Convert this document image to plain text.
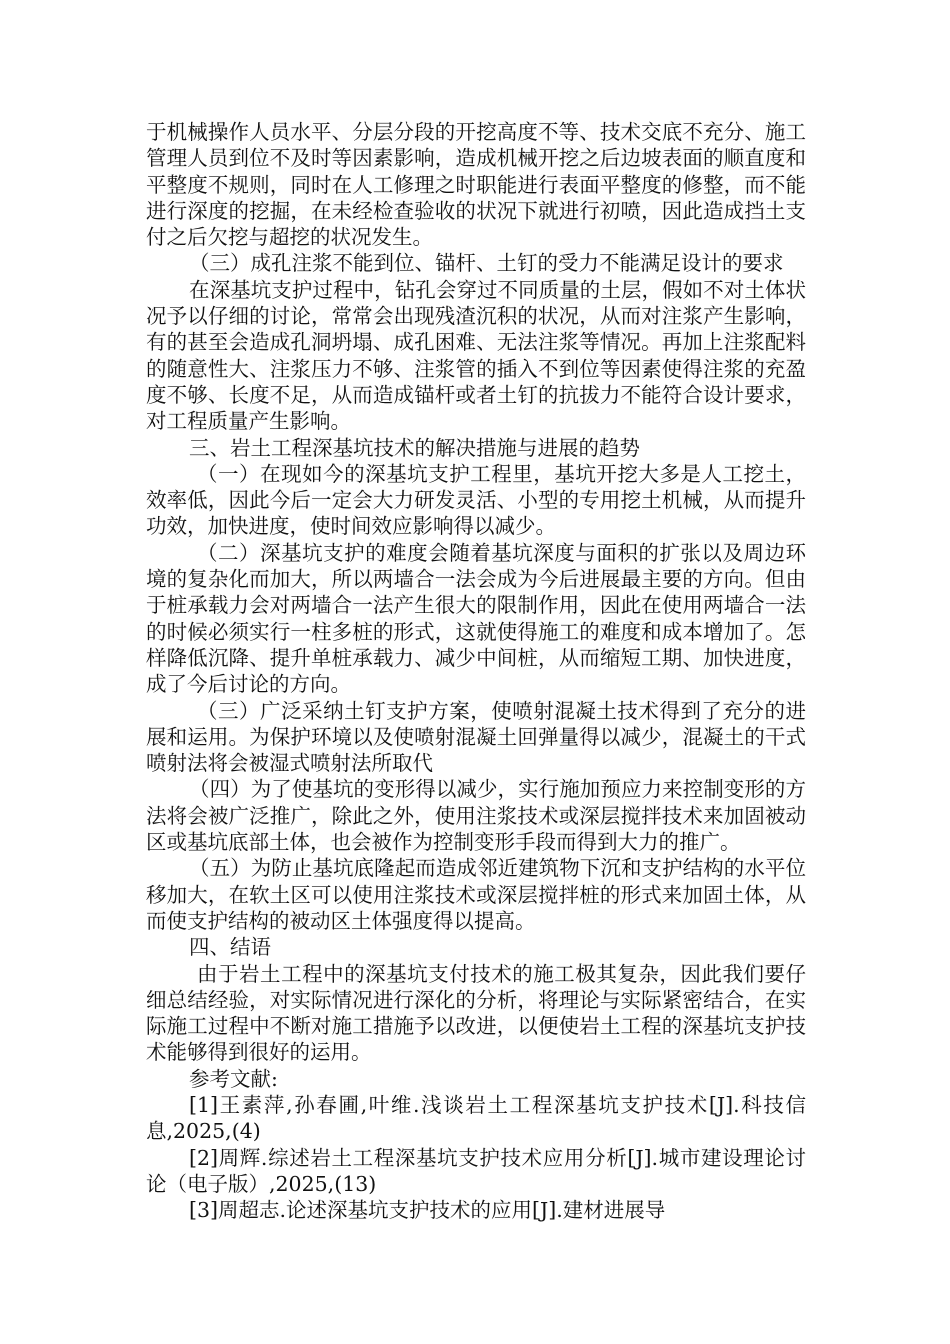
于机械操作人员水平、分层分段的开挖高度不等、技术交底不充分、施工管理人员到位不及时等因素影响，造成机械开挖之后边坡表面的顺直度和平整度不规则，同时在人工修理之时职能进行表面平整度的修整，而不能进行深度的挖掘，在未经检查验收的状况下就进行初喷，因此造成挡土支付之后欠挖与超挖的状况发生。

（三）成孔注浆不能到位、锚杆、土钉的受力不能满足设计的要求

在深基坑支护过程中，钻孔会穿过不同质量的土层，假如不对土体状况予以仔细的讨论，常常会出现残渣沉积的状况，从而对注浆产生影响，有的甚至会造成孔洞坍塌、成孔困难、无法注浆等情况。再加上注浆配料的随意性大、注浆压力不够、注浆管的插入不到位等因素使得注浆的充盈度不够、长度不足，从而造成锚杆或者土钉的抗拔力不能符合设计要求，对工程质量产生影响。

三、岩土工程深基坑技术的解决措施与进展的趋势

（一）在现如今的深基坑支护工程里，基坑开挖大多是人工挖土，效率低，因此今后一定会大力研发灵活、小型的专用挖土机械，从而提升功效，加快进度，使时间效应影响得以减少。

（二）深基坑支护的难度会随着基坑深度与面积的扩张以及周边环境的复杂化而加大，所以两墙合一法会成为今后进展最主要的方向。但由于桩承载力会对两墙合一法产生很大的限制作用，因此在使用两墙合一法的时候必须实行一柱多桩的形式，这就使得施工的难度和成本增加了。怎样降低沉降、提升单桩承载力、减少中间桩，从而缩短工期、加快进度，成了今后讨论的方向。

（三）广泛采纳土钉支护方案，使喷射混凝土技术得到了充分的进展和运用。为保护环境以及使喷射混凝土回弹量得以减少，混凝土的干式喷射法将会被湿式喷射法所取代

（四）为了使基坑的变形得以减少，实行施加预应力来控制变形的方法将会被广泛推广，除此之外，使用注浆技术或深层搅拌技术来加固被动区或基坑底部土体，也会被作为控制变形手段而得到大力的推广。

（五）为防止基坑底隆起而造成邻近建筑物下沉和支护结构的水平位移加大，在软土区可以使用注浆技术或深层搅拌桩的形式来加固土体，从而使支护结构的被动区土体强度得以提高。

四、结语

由于岩土工程中的深基坑支付技术的施工极其复杂，因此我们要仔细总结经验，对实际情况进行深化的分析，将理论与实际紧密结合，在实际施工过程中不断对施工措施予以改进，以便使岩土工程的深基坑支护技术能够得到很好的运用。

参考文献:

[1]王素萍,孙春圃,叶维.浅谈岩土工程深基坑支护技术[J].科技信息,2025,(4)

[2]周辉.综述岩土工程深基坑支护技术应用分析[J].城市建设理论讨论（电子版）,2025,(13)

[3]周超志.论述深基坑支护技术的应用[J].建材进展导
